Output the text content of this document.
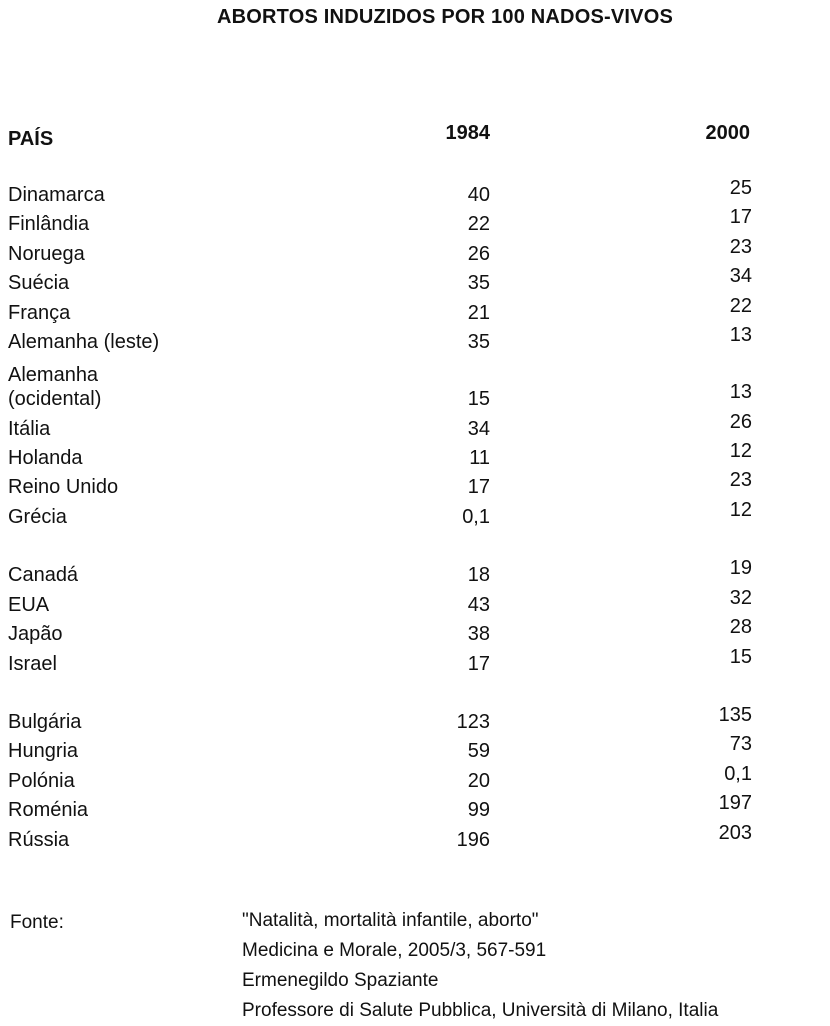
ABORTOS INDUZIDOS POR 100 NADOS-VIVOS
PAÍS	1984	2000
Dinamarca	40	25
Finlândia	22	17
Noruega	26	23
Suécia	35	34
França	21	22
Alemanha (leste)	35	13
Alemanha
(ocidental)	15	13
Itália	34	26
Holanda	11	12
Reino Unido	17	23
Grécia	0,1	12
Canadá	18	19
EUA	43	32
Japão	38	28
Israel	17	15
Bulgária	123	135
Hungria	59	73
Polónia	20	0,1
Roménia	99	197
Rússia	196	203
Fonte:	"Natalità, mortalità infantile, aborto"
Medicina e Morale, 2005/3, 567-591
Ermenegildo Spaziante
Professore di Salute Pubblica, Università di Milano, Italia
